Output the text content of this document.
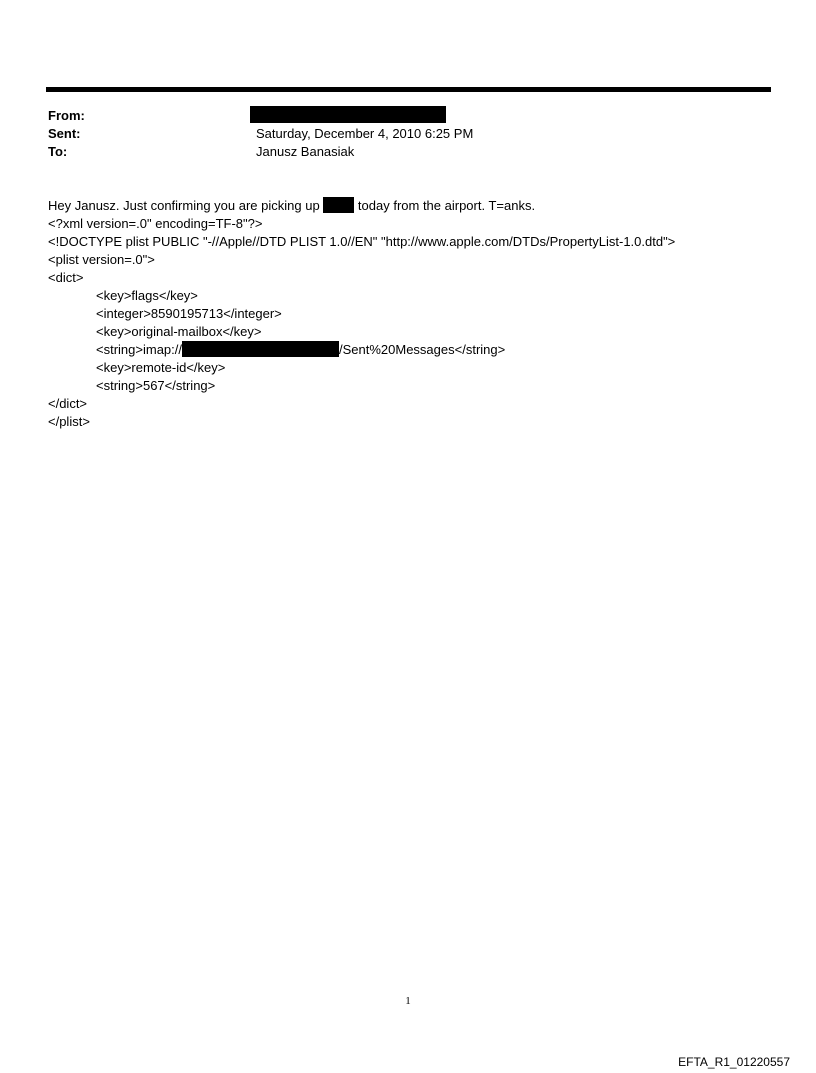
From:
Sent:	Saturday, December 4, 2010 6:25 PM
To:	Janusz Banasiak
Hey Janusz. Just confirming you are picking up  today from the airport. T=anks.
<?xml version=.0" encoding=TF-8"?>
<!DOCTYPE plist PUBLIC "-//Apple//DTD PLIST 1.0//EN" "http://www.apple.com/DTDs/PropertyList-1.0.dtd">
<plist version=.0">
<dict>
<key>flags</key>
<integer>8590195713</integer>
<key>original-mailbox</key>
<string>imap://	/Sent%20Messages</string>
<key>remote-id</key>
<string>567</string>
</dict>
</plist>
1
EFTA_R1_01220557
